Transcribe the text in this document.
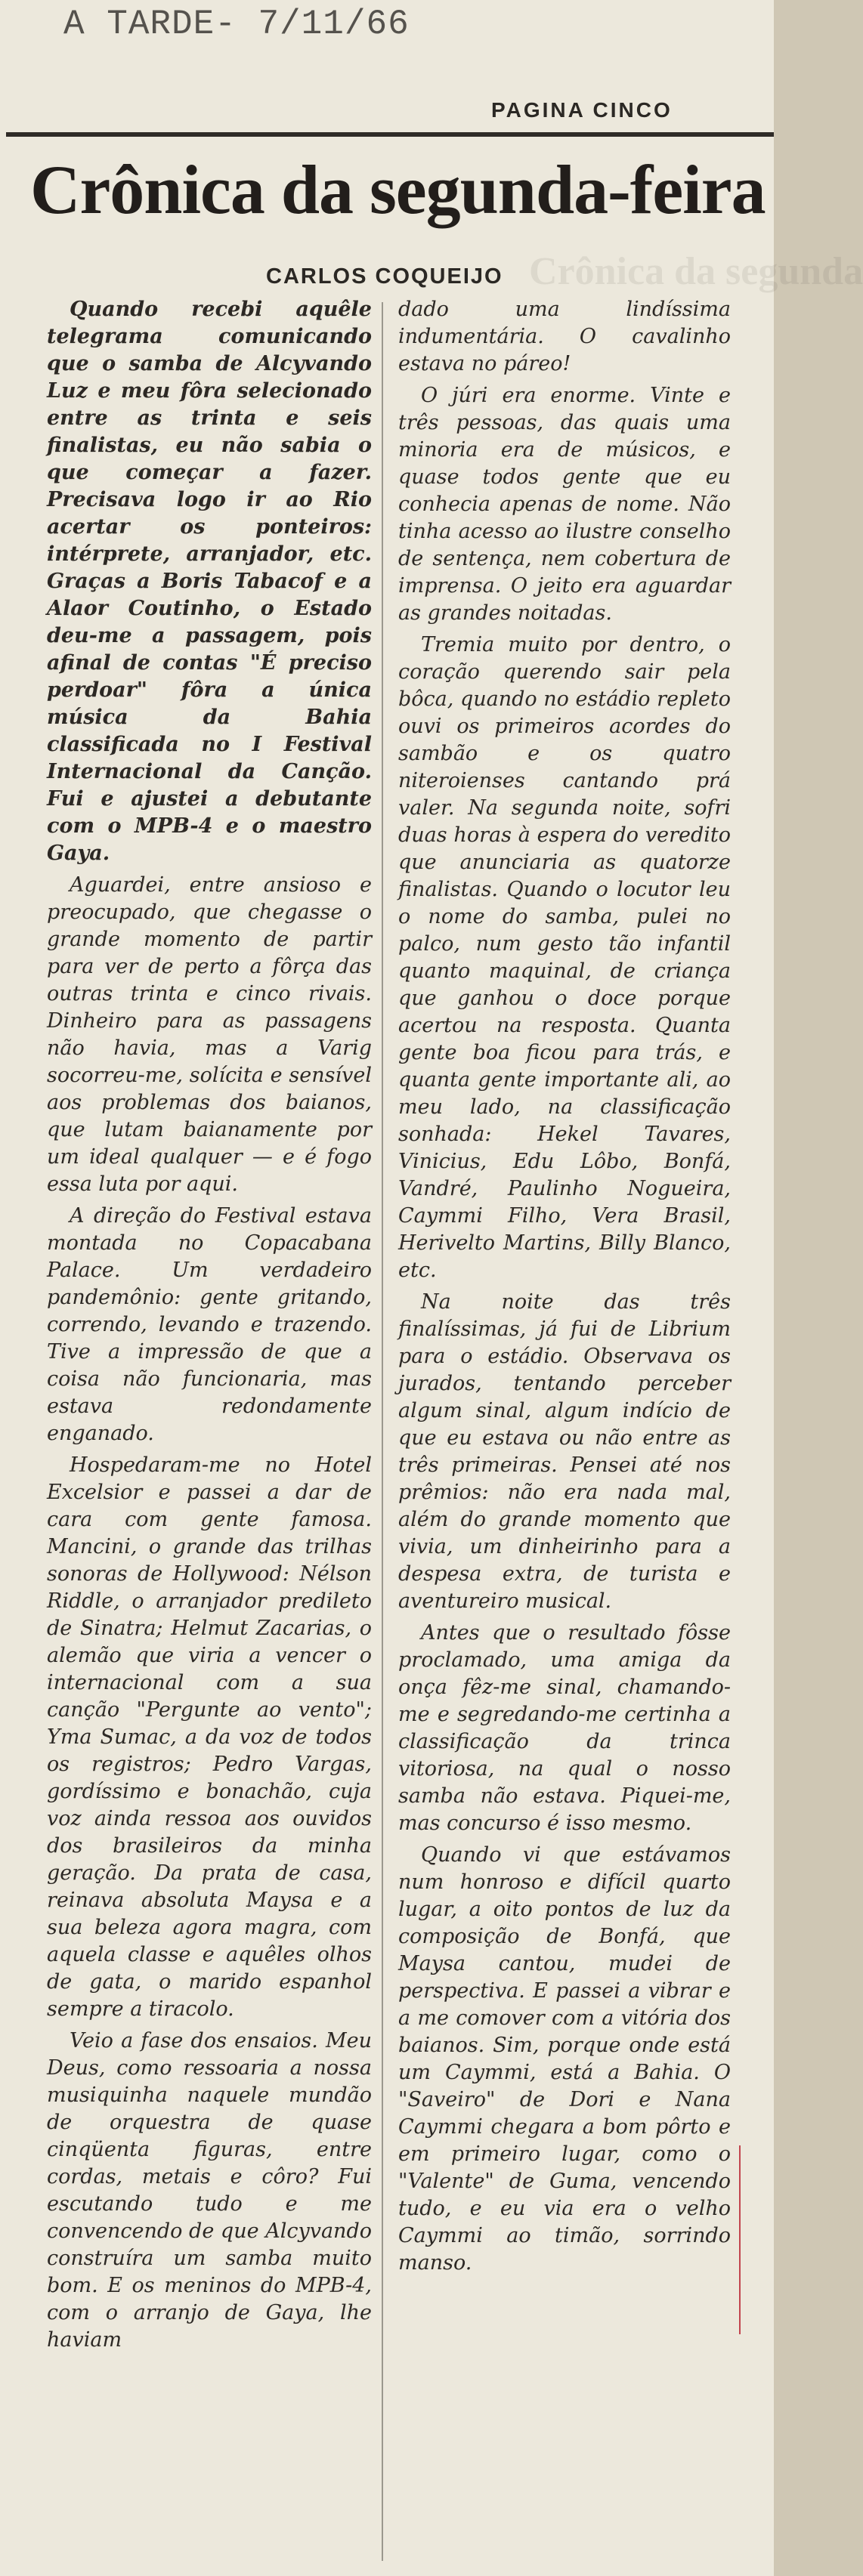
A TARDE- 7/11/66
PAGINA CINCO
Crônica da segunda-feira
Crônica da segunda
CARLOS COQUEIJO

Quando recebi aquêle telegrama comunicando que o samba de Alcyvando Luz e meu fôra selecionado entre as trinta e seis finalistas, eu não sabia o que começar a fazer. Precisava logo ir ao Rio acertar os ponteiros: intérprete, arranjador, etc. Graças a Boris Tabacof e a Alaor Coutinho, o Estado deu-me a passagem, pois afinal de contas "É preciso perdoar" fôra a única música da Bahia classificada no I Festival Internacional da Canção. Fui e ajustei a debutante com o MPB-4 e o maestro Gaya.

Aguardei, entre ansioso e preocupado, que chegasse o grande momento de partir para ver de perto a fôrça das outras trinta e cinco rivais. Dinheiro para as passagens não havia, mas a Varig socorreu-me, solícita e sensível aos problemas dos baianos, que lutam baianamente por um ideal qualquer — e é fogo essa luta por aqui.

A direção do Festival estava montada no Copacabana Palace. Um verdadeiro pandemônio: gente gritando, correndo, levando e trazendo. Tive a impressão de que a coisa não funcionaria, mas estava redondamente enganado.

Hospedaram-me no Hotel Excelsior e passei a dar de cara com gente famosa. Mancini, o grande das trilhas sonoras de Hollywood: Nélson Riddle, o arranjador predileto de Sinatra; Helmut Zacarias, o alemão que viria a vencer o internacional com a sua canção "Pergunte ao vento"; Yma Sumac, a da voz de todos os registros; Pedro Vargas, gordíssimo e bonachão, cuja voz ainda ressoa aos ouvidos dos brasileiros da minha geração. Da prata de casa, reinava absoluta Maysa e a sua beleza agora magra, com aquela classe e aquêles olhos de gata, o marido espanhol sempre a tiracolo.

Veio a fase dos ensaios. Meu Deus, como ressoaria a nossa musiquinha naquele mundão de orquestra de quase cinqüenta figuras, entre cordas, metais e côro? Fui escutando tudo e me convencendo de que Alcyvando construíra um samba muito bom. E os meninos do MPB-4, com o arranjo de Gaya, lhe haviam

dado uma lindíssima indumentária. O cavalinho estava no páreo!

O júri era enorme. Vinte e três pessoas, das quais uma minoria era de músicos, e quase todos gente que eu conhecia apenas de nome. Não tinha acesso ao ilustre conselho de sentença, nem cobertura de imprensa. O jeito era aguardar as grandes noitadas.

Tremia muito por dentro, o coração querendo sair pela bôca, quando no estádio repleto ouvi os primeiros acordes do sambão e os quatro niteroienses cantando prá valer. Na segunda noite, sofri duas horas à espera do veredito que anunciaria as quatorze finalistas. Quando o locutor leu o nome do samba, pulei no palco, num gesto tão infantil quanto maquinal, de criança que ganhou o doce porque acertou na resposta. Quanta gente boa ficou para trás, e quanta gente importante ali, ao meu lado, na classificação sonhada: Hekel Tavares, Vinicius, Edu Lôbo, Bonfá, Vandré, Paulinho Nogueira, Caymmi Filho, Vera Brasil, Herivelto Martins, Billy Blanco, etc.

Na noite das três finalíssimas, já fui de Librium para o estádio. Observava os jurados, tentando perceber algum sinal, algum indício de que eu estava ou não entre as três primeiras. Pensei até nos prêmios: não era nada mal, além do grande momento que vivia, um dinheirinho para a despesa extra, de turista e aventureiro musical.

Antes que o resultado fôsse proclamado, uma amiga da onça fêz-me sinal, chamando-me e segredando-me certinha a classificação da trinca vitoriosa, na qual o nosso samba não estava. Piquei-me, mas concurso é isso mesmo.

Quando vi que estávamos num honroso e difícil quarto lugar, a oito pontos de luz da composição de Bonfá, que Maysa cantou, mudei de perspectiva. E passei a vibrar e a me comover com a vitória dos baianos. Sim, porque onde está um Caymmi, está a Bahia. O "Saveiro" de Dori e Nana Caymmi chegara a bom pôrto e em primeiro lugar, como o "Valente" de Guma, vencendo tudo, e eu via era o velho Caymmi ao timão, sorrindo manso.
